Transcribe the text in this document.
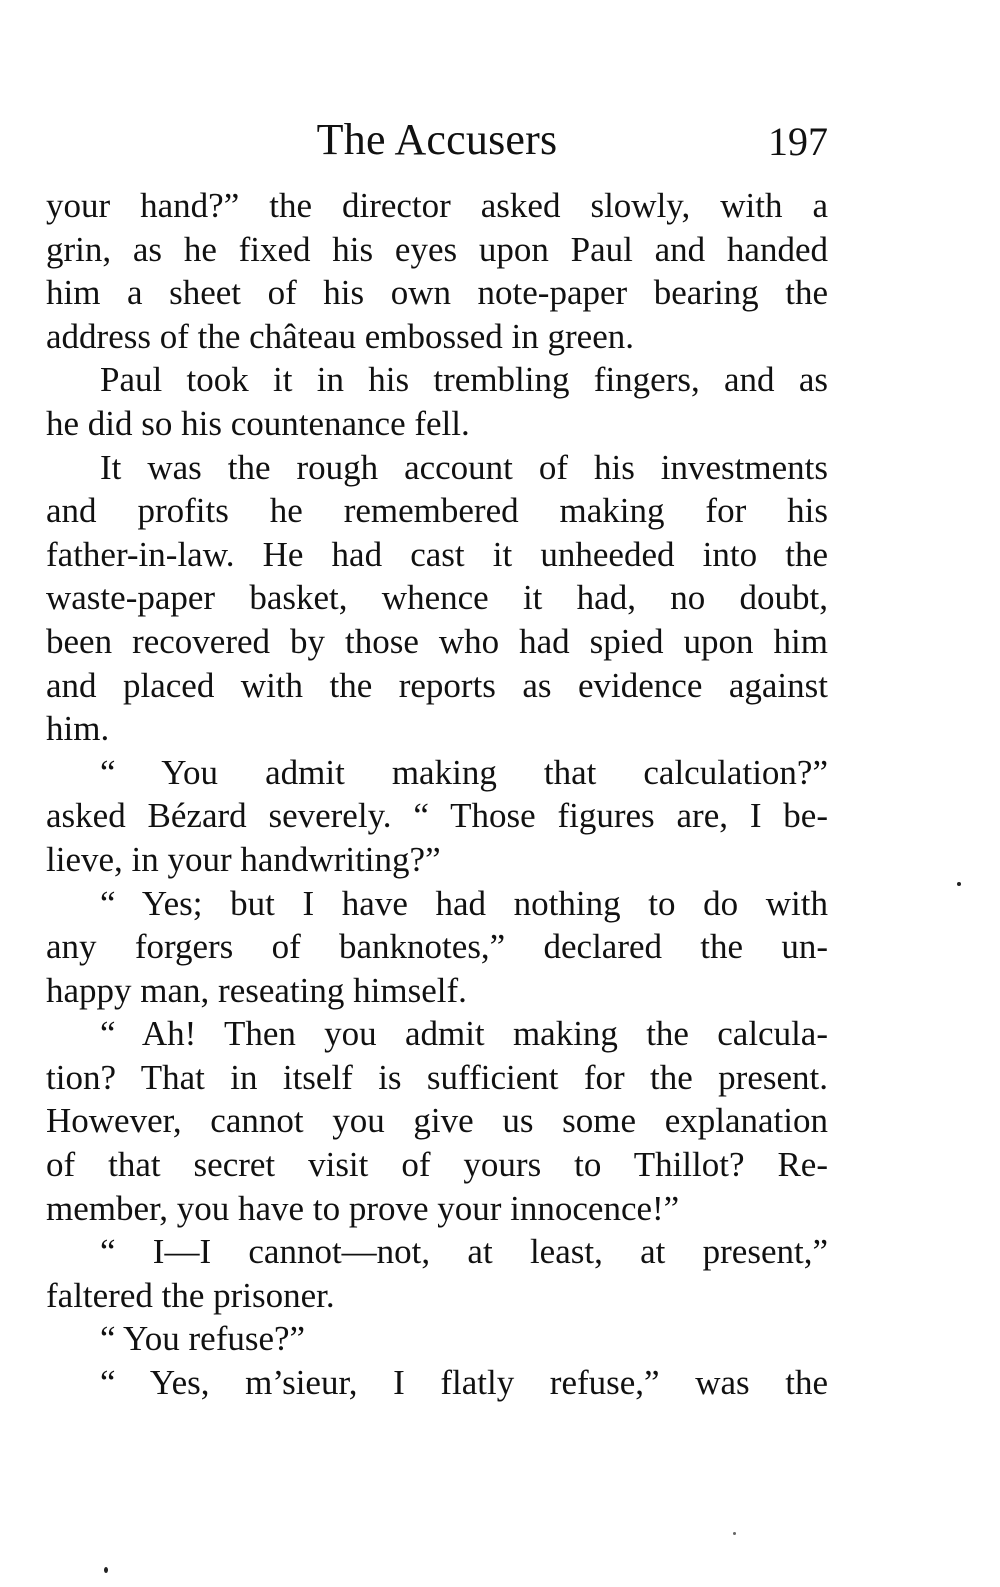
The Accusers	197
your hand?” the director asked slowly, with a
grin, as he fixed his eyes upon Paul and handed
him a sheet of his own note-paper bearing the
address of the château embossed in green.
Paul took it in his trembling fingers, and as
he did so his countenance fell.
It was the rough account of his investments
and profits he remembered making for his
father-in-law. He had cast it unheeded into the
waste-paper basket, whence it had, no doubt,
been recovered by those who had spied upon him
and placed with the reports as evidence against
him.
“ You admit making that calculation?”
asked Bézard severely. “ Those figures are, I be-
lieve, in your handwriting?”
“ Yes; but I have had nothing to do with
any forgers of banknotes,” declared the un-
happy man, reseating himself.
“ Ah! Then you admit making the calcula-
tion? That in itself is sufficient for the present.
However, cannot you give us some explanation
of that secret visit of yours to Thillot? Re-
member, you have to prove your innocence!”
“ I—I cannot—not, at least, at present,”
faltered the prisoner.
“ You refuse?”
“ Yes, m’sieur, I flatly refuse,” was the
